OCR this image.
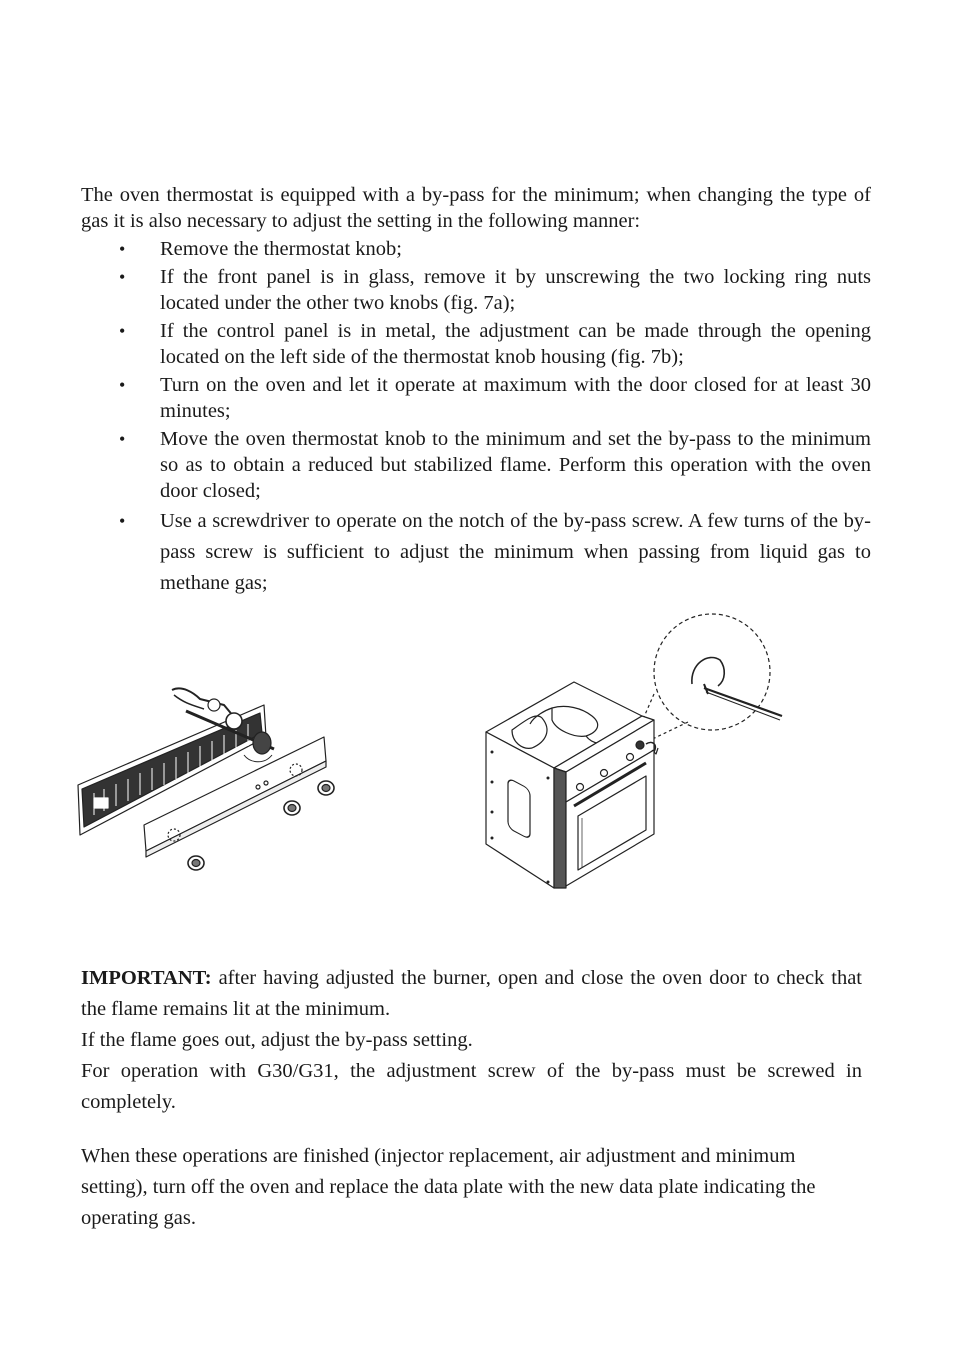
The oven thermostat is equipped with a by-pass for the minimum; when changing the type of gas it is also necessary to adjust the setting in the following manner:

• Remove the thermostat knob;
• If the front panel is in glass, remove it by unscrewing the two locking ring nuts located under the other two knobs (fig. 7a);
• If the control panel is in metal, the adjustment can be made through the opening located on the left side of the thermostat knob housing (fig. 7b);
• Turn on the oven and let it operate at maximum with the door closed for at least 30 minutes;
• Move the oven thermostat knob to the minimum and set the by-pass to the minimum so as to obtain a reduced but stabilized flame. Perform this operation with the oven door closed;
• Use a screwdriver to operate on the notch of the by-pass screw. A few turns of the by-pass screw is sufficient to adjust the minimum when passing from liquid gas to methane gas;

IMPORTANT: after having adjusted the burner, open and close the oven door to check that the flame remains lit at the minimum.

If the flame goes out, adjust the by-pass setting.

For operation with G30/G31, the adjustment screw of the by-pass must be screwed in completely.

When these operations are finished (injector replacement, air adjustment and minimum setting), turn off the oven and replace the data plate with the new data plate indicating the operating gas.
